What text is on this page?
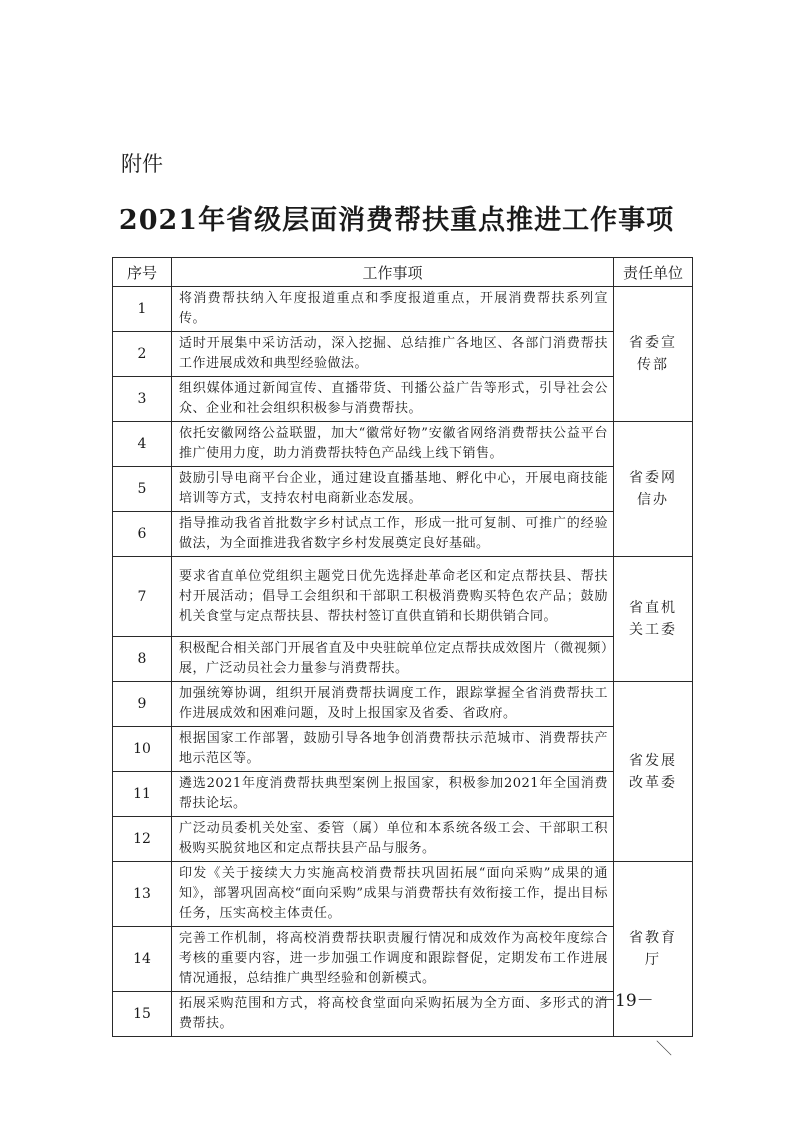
附件
2021年省级层面消费帮扶重点推进工作事项
序号	工作事项	责任单位
1	将消费帮扶纳入年度报道重点和季度报道重点，开展消费帮扶系列宣传。	省委宣传部
2	适时开展集中采访活动，深入挖掘、总结推广各地区、各部门消费帮扶工作进展成效和典型经验做法。	
3	组织媒体通过新闻宣传、直播带货、刊播公益广告等形式，引导社会公众、企业和社会组织积极参与消费帮扶。	
4	依托安徽网络公益联盟，加大“徽常好物”安徽省网络消费帮扶公益平台推广使用力度，助力消费帮扶特色产品线上线下销售。	省委网信办
5	鼓励引导电商平台企业，通过建设直播基地、孵化中心，开展电商技能培训等方式，支持农村电商新业态发展。	
6	指导推动我省首批数字乡村试点工作，形成一批可复制、可推广的经验做法，为全面推进我省数字乡村发展奠定良好基础。	
7	要求省直单位党组织主题党日优先选择赴革命老区和定点帮扶县、帮扶村开展活动；倡导工会组织和干部职工积极消费购买特色农产品；鼓励机关食堂与定点帮扶县、帮扶村签订直供直销和长期供销合同。	省直机关工委
8	积极配合相关部门开展省直及中央驻皖单位定点帮扶成效图片（微视频）展，广泛动员社会力量参与消费帮扶。	
9	加强统筹协调，组织开展消费帮扶调度工作，跟踪掌握全省消费帮扶工作进展成效和困难问题，及时上报国家及省委、省政府。	省发展改革委
10	根据国家工作部署，鼓励引导各地争创消费帮扶示范城市、消费帮扶产地示范区等。	
11	遴选2021年度消费帮扶典型案例上报国家，积极参加2021年全国消费帮扶论坛。	
12	广泛动员委机关处室、委管（属）单位和本系统各级工会、干部职工积极购买脱贫地区和定点帮扶县产品与服务。	
13	印发《关于接续大力实施高校消费帮扶巩固拓展“面向采购”成果的通知》，部署巩固高校“面向采购”成果与消费帮扶有效衔接工作，提出目标任务，压实高校主体责任。	省教育厅
14	完善工作机制，将高校消费帮扶职责履行情况和成效作为高校年度综合考核的重要内容，进一步加强工作调度和跟踪督促，定期发布工作进展情况通报，总结推广典型经验和创新模式。	
15	拓展采购范围和方式，将高校食堂面向采购拓展为全方面、多形式的消费帮扶。	
－19－
＼
